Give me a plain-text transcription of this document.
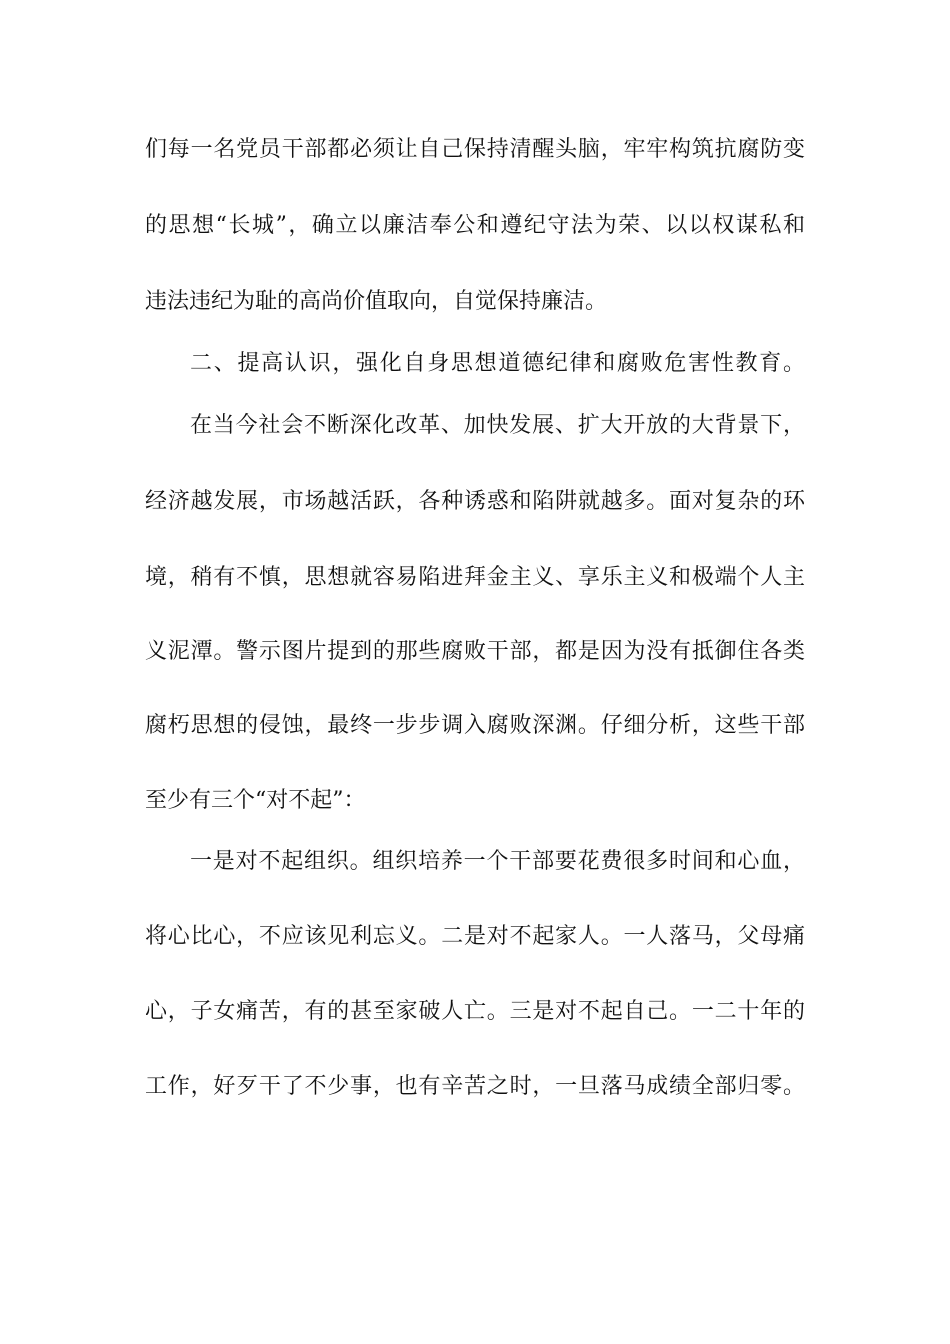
们每一名党员干部都必须让自己保持清醒头脑，牢牢构筑抗腐防变
的思想“长城”，确立以廉洁奉公和遵纪守法为荣、以以权谋私和
违法违纪为耻的高尚价值取向，自觉保持廉洁。
二、提高认识，强化自身思想道德纪律和腐败危害性教育。
在当今社会不断深化改革、加快发展、扩大开放的大背景下，
经济越发展，市场越活跃，各种诱惑和陷阱就越多。面对复杂的环
境，稍有不慎，思想就容易陷进拜金主义、享乐主义和极端个人主
义泥潭。警示图片提到的那些腐败干部，都是因为没有抵御住各类
腐朽思想的侵蚀，最终一步步调入腐败深渊。仔细分析，这些干部
至少有三个“对不起”：
一是对不起组织。组织培养一个干部要花费很多时间和心血，
将心比心，不应该见利忘义。二是对不起家人。一人落马，父母痛
心，子女痛苦，有的甚至家破人亡。三是对不起自己。一二十年的
工作，好歹干了不少事，也有辛苦之时，一旦落马成绩全部归零。
